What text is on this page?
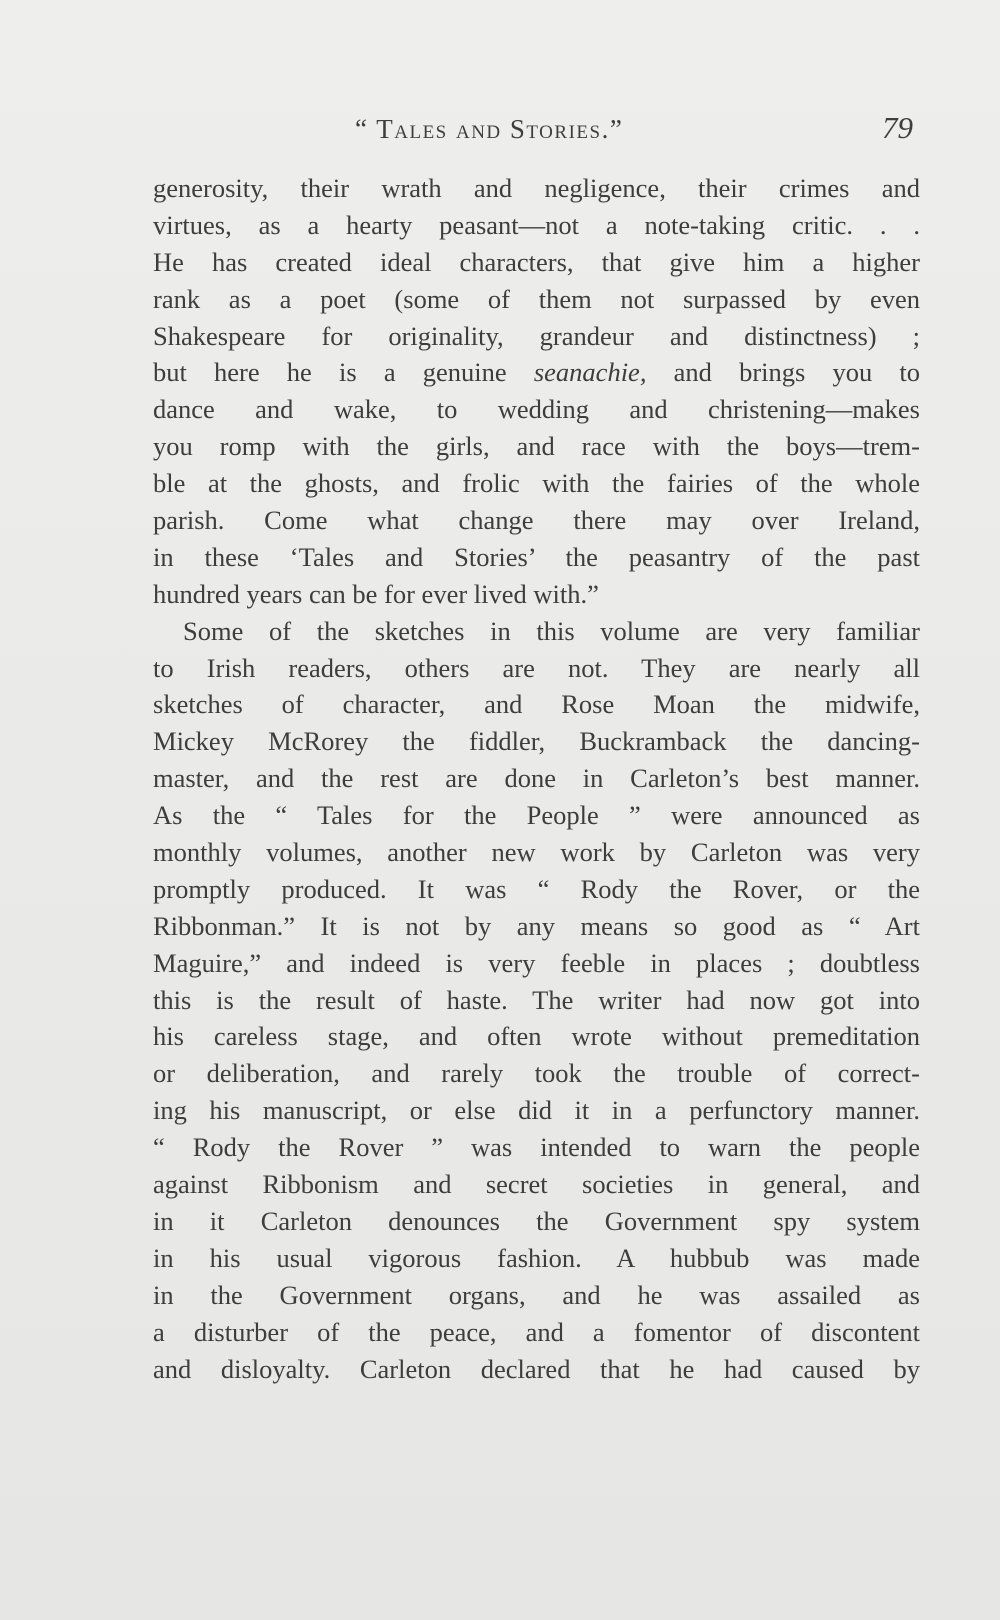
“ Tales and Stories.”	79
generosity, their wrath and negligence, their crimes and
virtues, as a hearty peasant—not a note-taking critic. . .
He has created ideal characters, that give him a higher
rank as a poet (some of them not surpassed by even
Shakespeare for originality, grandeur and distinctness) ;
but here he is a genuine seanachie, and brings you to
dance and wake, to wedding and christening—makes
you romp with the girls, and race with the boys—trem-
ble at the ghosts, and frolic with the fairies of the whole
parish. Come what change there may over Ireland,
in these ‘Tales and Stories’ the peasantry of the past
hundred years can be for ever lived with.”
Some of the sketches in this volume are very familiar
to Irish readers, others are not. They are nearly all
sketches of character, and Rose Moan the midwife,
Mickey McRorey the fiddler, Buckramback the dancing-
master, and the rest are done in Carleton’s best manner.
As the “ Tales for the People ” were announced as
monthly volumes, another new work by Carleton was very
promptly produced. It was “ Rody the Rover, or the
Ribbonman.” It is not by any means so good as “ Art
Maguire,” and indeed is very feeble in places ; doubtless
this is the result of haste. The writer had now got into
his careless stage, and often wrote without premeditation
or deliberation, and rarely took the trouble of correct-
ing his manuscript, or else did it in a perfunctory manner.
“ Rody the Rover ” was intended to warn the people
against Ribbonism and secret societies in general, and
in it Carleton denounces the Government spy system
in his usual vigorous fashion. A hubbub was made
in the Government organs, and he was assailed as
a disturber of the peace, and a fomentor of discontent
and disloyalty. Carleton declared that he had caused by
